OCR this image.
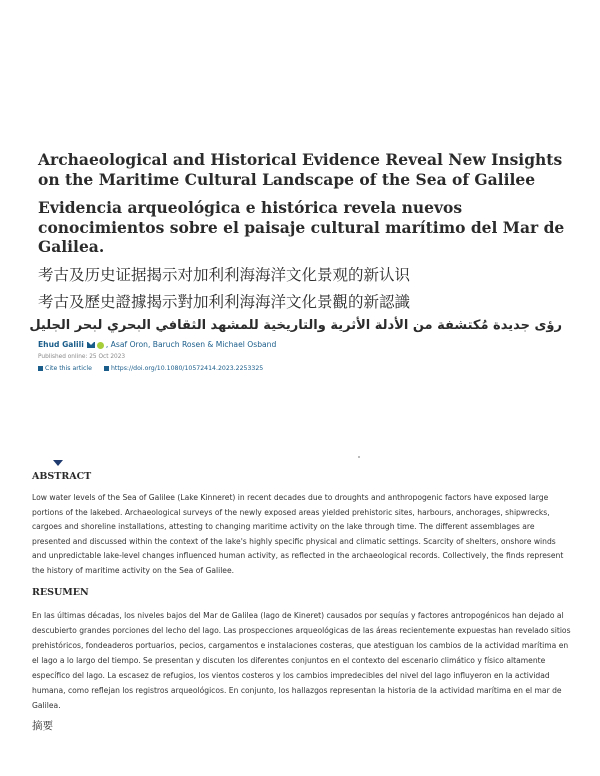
Archaeological and Historical Evidence Reveal New Insights on the Maritime Cultural Landscape of the Sea of Galilee
Evidencia arqueológica e histórica revela nuevos conocimientos sobre el paisaje cultural marítimo del Mar de Galilea.
考古及历史证据揭示对加利利海海洋文化景观的新认识
考古及歷史證據揭示對加利利海海洋文化景觀的新認識
رؤى جديدة مُكتشفة من الأدلة الأثرية والتاريخية للمشهد الثقافي البحري لبحر الجليل
Ehud Galili	, Asaf Oron, Baruch Rosen & Michael Osband
Published online: 25 Oct 2023
Cite this article	https://doi.org/10.1080/10572414.2023.2253325
ABSTRACT
Low water levels of the Sea of Galilee (Lake Kinneret) in recent decades due to droughts and anthropogenic factors have exposed large portions of the lakebed. Archaeological surveys of the newly exposed areas yielded prehistoric sites, harbours, anchorages, shipwrecks, cargoes and shoreline installations, attesting to changing maritime activity on the lake through time. The different assemblages are presented and discussed within the context of the lake's highly specific physical and climatic settings. Scarcity of shelters, onshore winds and unpredictable lake-level changes influenced human activity, as reflected in the archaeological records. Collectively, the finds represent the history of maritime activity on the Sea of Galilee.
RESUMEN
En las últimas décadas, los niveles bajos del Mar de Galilea (lago de Kineret) causados por sequías y factores antropogénicos han dejado al descubierto grandes porciones del lecho del lago. Las prospecciones arqueológicas de las áreas recientemente expuestas han revelado sitios prehistóricos, fondeaderos portuarios, pecios, cargamentos e instalaciones costeras, que atestiguan los cambios de la actividad marítima en el lago a lo largo del tiempo. Se presentan y discuten los diferentes conjuntos en el contexto del escenario climático y físico altamente específico del lago. La escasez de refugios, los vientos costeros y los cambios impredecibles del nivel del lago influyeron en la actividad humana, como reflejan los registros arqueológicos. En conjunto, los hallazgos representan la historia de la actividad marítima en el mar de Galilea.
摘要
